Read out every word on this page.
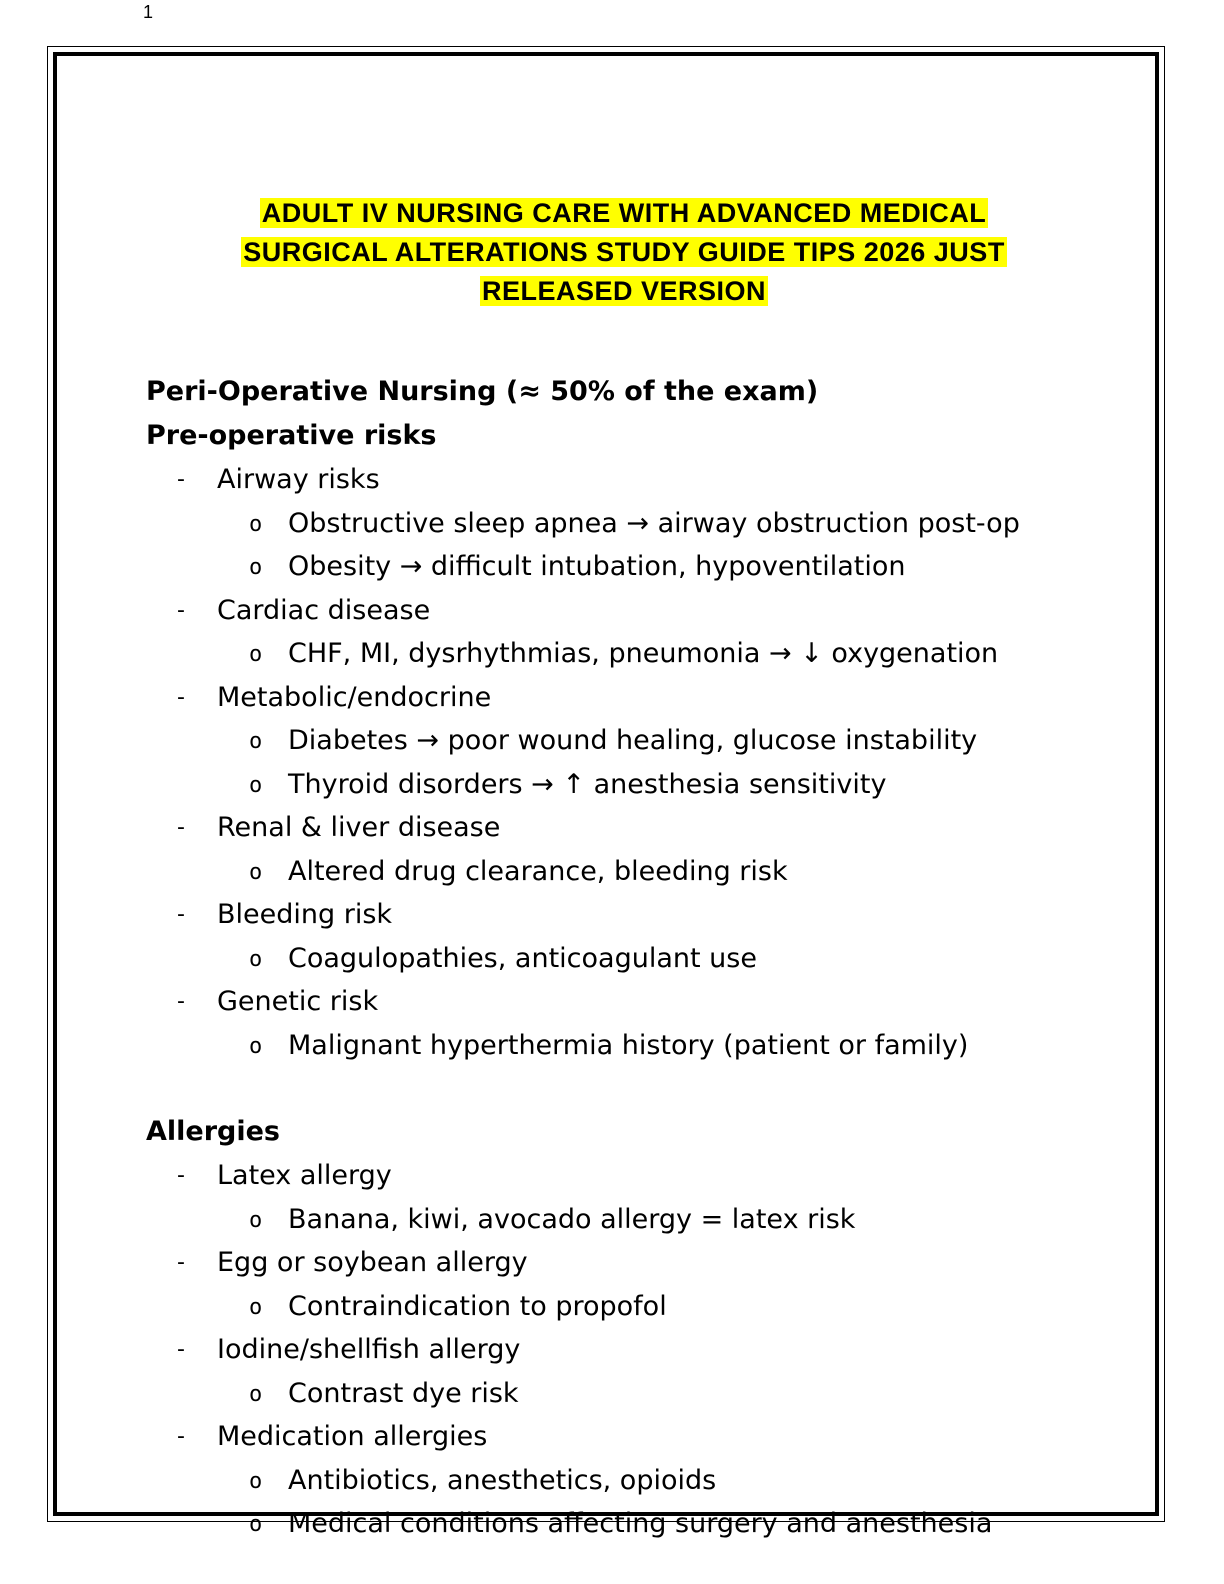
1
ADULT IV NURSING CARE WITH ADVANCED MEDICAL
SURGICAL ALTERATIONS STUDY GUIDE TIPS 2026 JUST
RELEASED VERSION
Peri-Operative Nursing (≈ 50% of the exam)
Pre-operative risks
- Airway risks
o Obstructive sleep apnea → airway obstruction post-op
o Obesity → difficult intubation, hypoventilation
- Cardiac disease
o CHF, MI, dysrhythmias, pneumonia → ↓ oxygenation
- Metabolic/endocrine
o Diabetes → poor wound healing, glucose instability
o Thyroid disorders → ↑ anesthesia sensitivity
- Renal & liver disease
o Altered drug clearance, bleeding risk
- Bleeding risk
o Coagulopathies, anticoagulant use
- Genetic risk
o Malignant hyperthermia history (patient or family)
Allergies
- Latex allergy
o Banana, kiwi, avocado allergy = latex risk
- Egg or soybean allergy
o Contraindication to propofol
- Iodine/shellfish allergy
o Contrast dye risk
- Medication allergies
o Antibiotics, anesthetics, opioids
o Medical conditions affecting surgery and anesthesia
